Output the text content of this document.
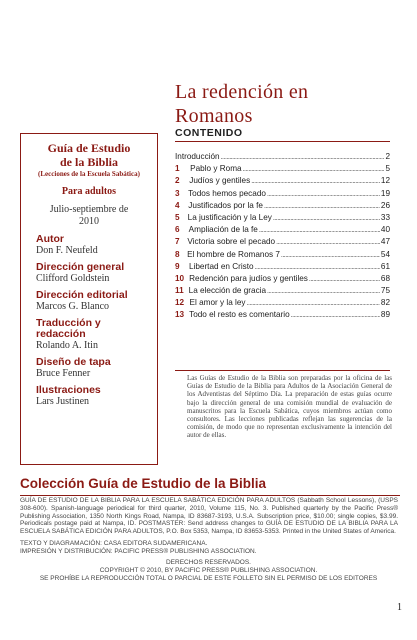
La redención en
Romanos
CONTENIDO
Guía de Estudio
de la Biblia
(Lecciones de la Escuela Sabática)
Para adultos
Julio-septiembre de
2010
Autor
Don F. Neufeld
Dirección general
Clifford Goldstein
Dirección editorial
Marcos G. Blanco
Traducción y redacción
Rolando A. Itin
Diseño de tapa
Bruce Fenner
Ilustraciones
Lars Justinen
Introducción .....	2
1	Pablo y Roma .....	5
2	Judíos y gentiles .....	12
3	Todos hemos pecado .....	19
4	Justificados por la fe .....	26
5 La justificación y la Ley .....	33
6	Ampliación de la fe .....	40
7 Victoria sobre el pecado .....	47
8 El hombre de Romanos 7 .....	54
9	Libertad en Cristo .....	61
10 Redención para judíos y gentiles .....	68
11 La elección de gracia .....	75
12 El amor y la ley .....	82
13 Todo el resto es comentario .....	89
Las Guías de Estudio de la Biblia son preparadas por la oficina de las Guías de Estudio de la Biblia para Adultos de la Asociación General de los Adventistas del Séptimo Día. La preparación de estas guías ocurre bajo la dirección general de una comisión mundial de evaluación de manuscritos para la Escuela Sabática, cuyos miembros actúan como consultores. Las lecciones publicadas reflejan las sugerencias de la comisión, de modo que no representan exclusivamente la intención del autor de ellas.
Colección Guía de Estudio de la Biblia

GUÍA DE ESTUDIO DE LA BIBLIA PARA LA ESCUELA SABÁTICA EDICIÓN PARA ADULTOS (Sabbath School Lessons), (USPS 308-600). Spanish-language periodical for third quarter, 2010, Volume 115, No. 3. Published quarterly by the Pacific Press® Publishing Association, 1350 North Kings Road, Nampa, ID 83687-3193, U.S.A. Subscription price, $10.00; single copies, $3.99. Periodicals postage paid at Nampa, ID. POSTMASTER: Send address changes to GUÍA DE ESTUDIO DE LA BIBLIA PARA LA ESCUELA SABÁTICA EDICIÓN PARA ADULTOS, P.O. Box 5353, Nampa, ID 83653-5353. Printed in the United States of America.

TEXTO Y DIAGRAMACIÓN: CASA EDITORA SUDAMERICANA.
IMPRESIÓN Y DISTRIBUCIÓN: PACIFIC PRESS® PUBLISHING ASSOCIATION.
DERECHOS RESERVADOS.
COPYRIGHT © 2010, BY PACIFIC PRESS® PUBLISHING ASSOCIATION.
SE PROHÍBE LA REPRODUCCIÓN TOTAL O PARCIAL DE ESTE FOLLETO SIN EL PERMISO DE LOS EDITORES
1
